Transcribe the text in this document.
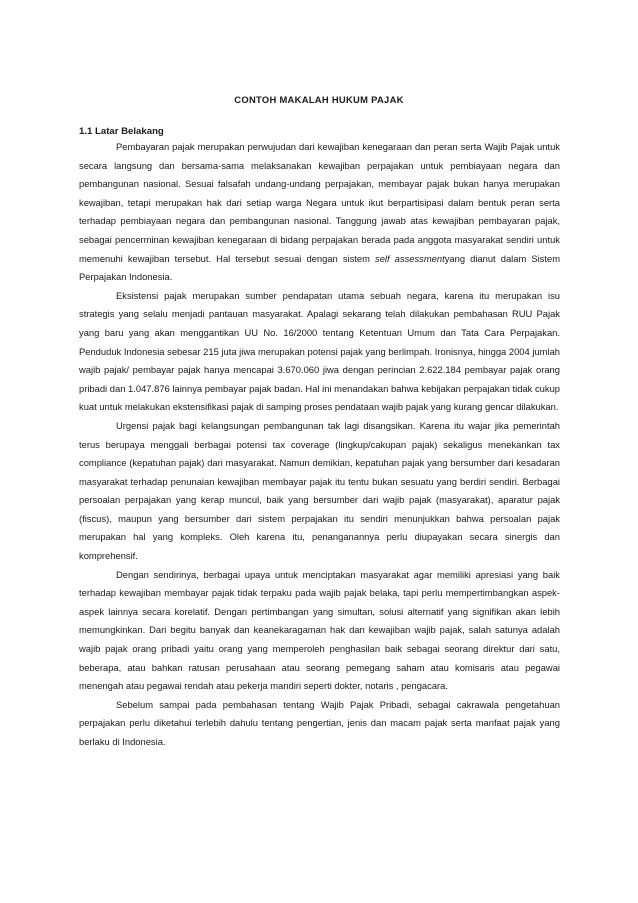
CONTOH MAKALAH HUKUM PAJAK
1.1 Latar Belakang

Pembayaran pajak merupakan perwujudan dari kewajiban kenegaraan dan peran serta Wajib Pajak untuk secara langsung dan bersama-sama melaksanakan kewajiban perpajakan untuk pembiayaan negara dan pembangunan nasional. Sesuai falsafah undang-undang perpajakan, membayar pajak bukan hanya merupakan kewajiban, tetapi merupakan hak dari setiap warga Negara untuk ikut berpartisipasi dalam bentuk peran serta terhadap pembiayaan negara dan pembangunan nasional. Tanggung jawab atas kewajiban pembayaran pajak, sebagai pencerminan kewajiban kenegaraan di bidang perpajakan berada pada anggota masyarakat sendiri untuk memenuhi kewajiban tersebut. Hal tersebut sesuai dengan sistem self assessmentyang dianut dalam Sistem Perpajakan Indonesia.

Eksistensi pajak merupakan sumber pendapatan utama sebuah negara, karena itu merupakan isu strategis yang selalu menjadi pantauan masyarakat. Apalagi sekarang telah dilakukan pembahasan RUU Pajak yang baru yang akan menggantikan UU No. 16/2000 tentang Ketentuan Umum dan Tata Cara Perpajakan. Penduduk Indonesia sebesar 215 juta jiwa merupakan potensi pajak yang berlimpah. Ironisnya, hingga 2004 jumlah wajib pajak/ pembayar pajak hanya mencapai 3.670.060 jiwa dengan perincian 2.622.184 pembayar pajak orang pribadi dan 1.047.876 lainnya pembayar pajak badan. Hal ini menandakan bahwa kebijakan perpajakan tidak cukup kuat untuk melakukan ekstensifikasi pajak di samping proses pendataan wajib pajak yang kurang gencar dilakukan.

Urgensi pajak bagi kelangsungan pembangunan tak lagi disangsikan. Karena itu wajar jika pemerintah terus berupaya menggali berbagai potensi tax coverage (lingkup/cakupan pajak) sekaligus menekankan tax compliance (kepatuhan pajak) dari masyarakat. Namun demikian, kepatuhan pajak yang bersumber dari kesadaran masyarakat terhadap penunaian kewajiban membayar pajak itu tentu bukan sesuatu yang berdiri sendiri. Berbagai persoalan perpajakan yang kerap muncul, baik yang bersumber dari wajib pajak (masyarakat), aparatur pajak (fiscus), maupun yang bersumber dari sistem perpajakan itu sendiri menunjukkan bahwa persoalan pajak merupakan hal yang kompleks. Oleh karena itu, penanganannya perlu diupayakan secara sinergis dan komprehensif.

Dengan sendirinya, berbagai upaya untuk menciptakan masyarakat agar memiliki apresiasi yang baik terhadap kewajiban membayar pajak tidak terpaku pada wajib pajak belaka, tapi perlu mempertimbangkan aspek-aspek lainnya secara korelatif. Dengan pertimbangan yang simultan, solusi alternatif yang signifikan akan lebih memungkinkan. Dari begitu banyak dan keanekaragaman hak dan kewajiban wajib pajak, salah satunya adalah wajib pajak orang pribadi yaitu orang yang memperoleh penghasilan baik sebagai seorang direktur dari satu, beberapa, atau bahkan ratusan perusahaan atau seorang pemegang saham atau komisaris atau pegawai menengah atau pegawai rendah atau pekerja mandiri seperti dokter, notaris , pengacara.

Sebelum sampai pada pembahasan tentang Wajib Pajak Pribadi, sebagai cakrawala pengetahuan perpajakan perlu diketahui terlebih dahulu tentang pengertian, jenis dan macam pajak serta manfaat pajak yang berlaku di Indonesia.
